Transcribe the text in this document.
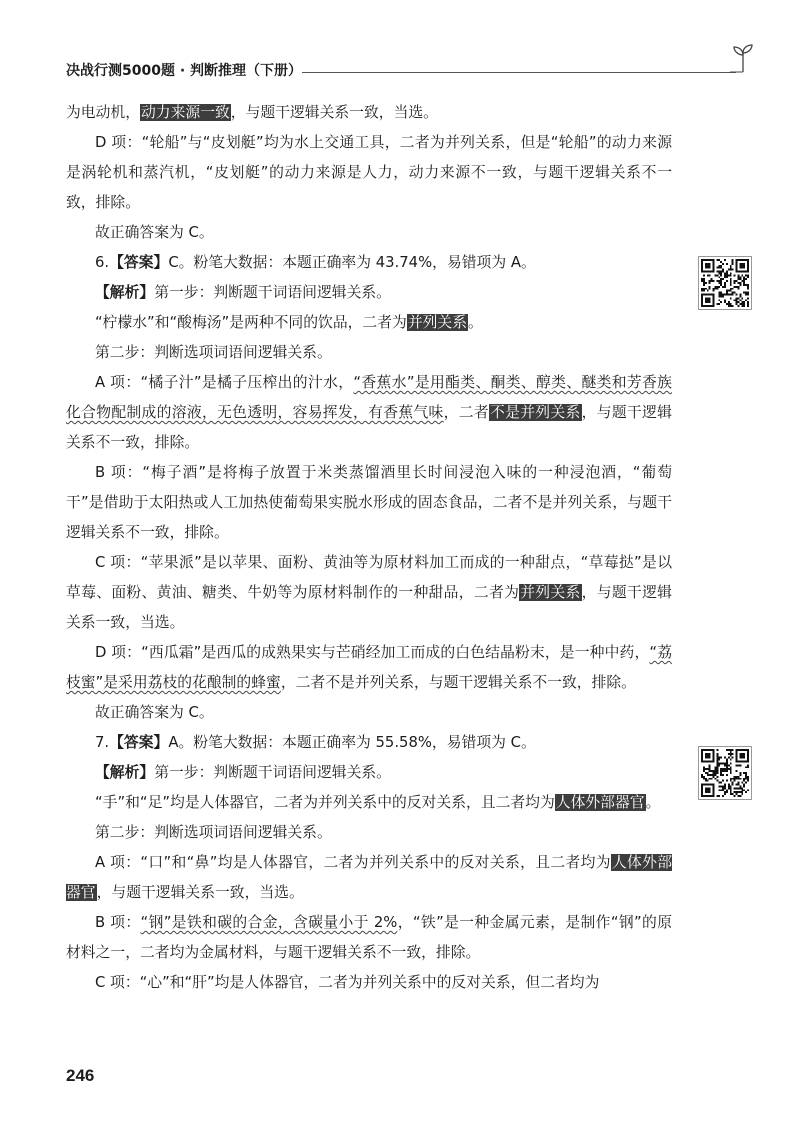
决战行测5000题 · 判断推理（下册）

为电动机，动力来源一致，与题干逻辑关系一致，当选。

D 项：“轮船”与“皮划艇”均为水上交通工具，二者为并列关系，但是“轮船”的动力来源是涡轮机和蒸汽机，“皮划艇”的动力来源是人力，动力来源不一致，与题干逻辑关系不一致，排除。

故正确答案为 C。

6.【答案】C。粉笔大数据：本题正确率为 43.74%，易错项为 A。

【解析】第一步：判断题干词语间逻辑关系。

“柠檬水”和“酸梅汤”是两种不同的饮品，二者为并列关系。

第二步：判断选项词语间逻辑关系。

A 项：“橘子汁”是橘子压榨出的汁水，“香蕉水”是用酯类、酮类、醇类、醚类和芳香族化合物配制成的溶液，无色透明，容易挥发，有香蕉气味，二者不是并列关系，与题干逻辑关系不一致，排除。

B 项：“梅子酒”是将梅子放置于米类蒸馏酒里长时间浸泡入味的一种浸泡酒，“葡萄干”是借助于太阳热或人工加热使葡萄果实脱水形成的固态食品，二者不是并列关系，与题干逻辑关系不一致，排除。

C 项：“苹果派”是以苹果、面粉、黄油等为原材料加工而成的一种甜点，“草莓挞”是以草莓、面粉、黄油、糖类、牛奶等为原材料制作的一种甜品，二者为并列关系，与题干逻辑关系一致，当选。

D 项：“西瓜霜”是西瓜的成熟果实与芒硝经加工而成的白色结晶粉末，是一种中药，“荔枝蜜”是采用荔枝的花酿制的蜂蜜，二者不是并列关系，与题干逻辑关系不一致，排除。

故正确答案为 C。

7.【答案】A。粉笔大数据：本题正确率为 55.58%，易错项为 C。

【解析】第一步：判断题干词语间逻辑关系。

“手”和“足”均是人体器官，二者为并列关系中的反对关系，且二者均为人体外部器官。

第二步：判断选项词语间逻辑关系。

A 项：“口”和“鼻”均是人体器官，二者为并列关系中的反对关系，且二者均为人体外部器官，与题干逻辑关系一致，当选。

B 项：“钢”是铁和碳的合金，含碳量小于 2%，“铁”是一种金属元素，是制作“钢”的原材料之一，二者均为金属材料，与题干逻辑关系不一致，排除。

C 项：“心”和“肝”均是人体器官，二者为并列关系中的反对关系，但二者均为

246
